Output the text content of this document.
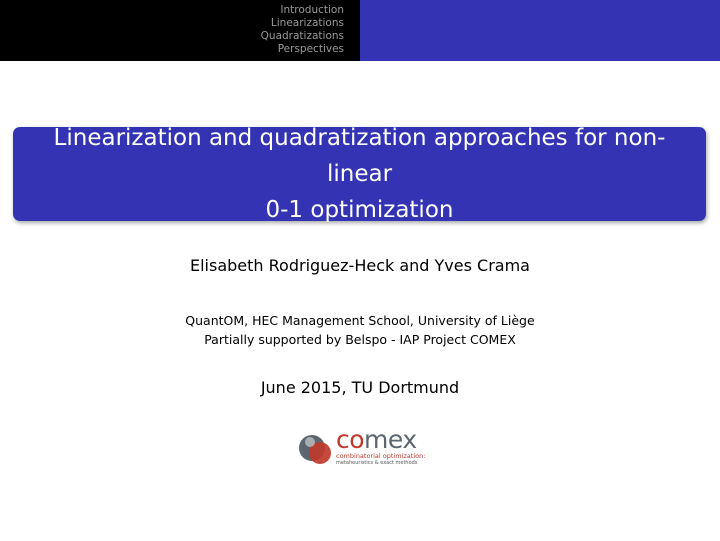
Introduction
Linearizations
Quadratizations
Perspectives
Linearization and quadratization approaches for non-linear
0-1 optimization
Elisabeth Rodriguez-Heck and Yves Crama
QuantOM, HEC Management School, University of Liège
Partially supported by Belspo - IAP Project COMEX
June 2015, TU Dortmund
comex
combinatorial optimization:
metaheuristics & exact methods
